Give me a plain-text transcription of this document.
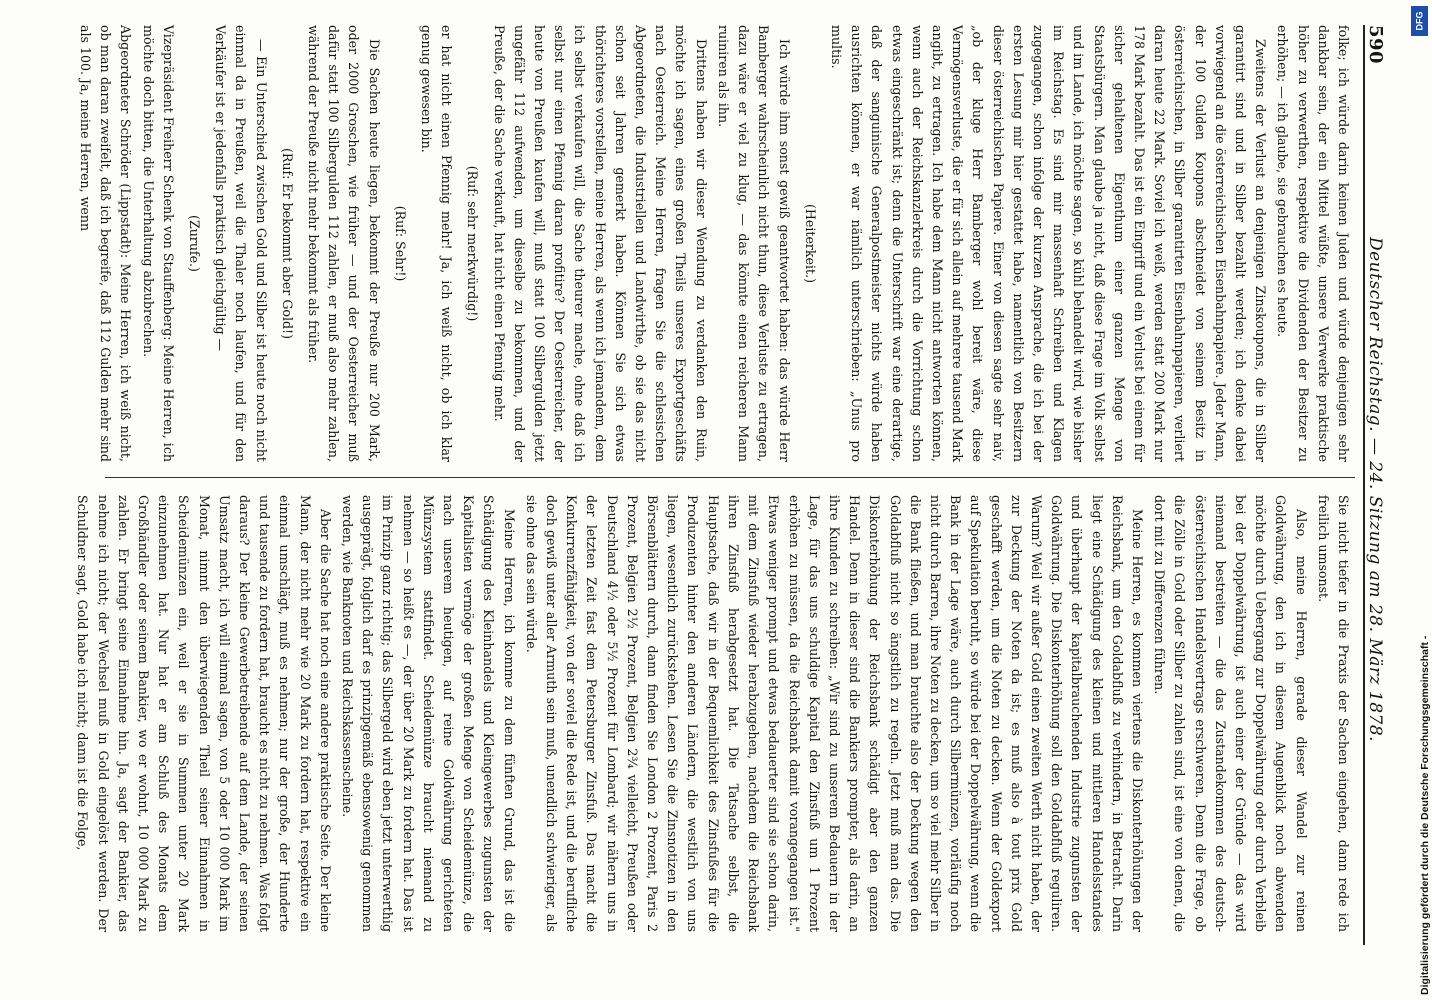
590
Deutscher Reichstag. — 24. Sitzung am 28. März 1878.

folke; ich würde darin keinen Juden und würde denjenigen sehr dankbar sein, der ein Mittel wüßte, unsere Verwerke praktische höher zu verwerthen, respektive die Dividenden der Besitzer zu erhöhen; — ich glaube, sie gebrauchen es heute.

Zweitens der Verlust an denjenigen Zinskoupons, die in Silber garantirt sind und in Silber bezahlt werden; ich denke dabei vorwiegend an die österreichischen Eisenbahnpapiere. Jeder Mann, der 100 Gulden Koupons abschneidet von seinem Besitz in österreichischen, in Silber garantirten Eisenbahnpapieren, verliert daran heute 22 Mark. Soviel ich weiß, werden statt 200 Mark nur 178 Mark bezahlt. Das ist ein Eingriff und ein Verlust bei einem für sicher gehaltenen Eigenthum einer ganzen Menge von Staatsbürgern. Man glaube ja nicht, daß diese Frage im Volk selbst und im Lande, ich möchte sagen, so kühl behandelt wird, wie bisher im Reichstag. Es sind mir massenhaft Schreiben und Klagen zugegangen, schon infolge der kurzen Ansprache, die ich bei der ersten Lesung mir hier gestattet habe, namentlich von Besitzern dieser österreichischen Papiere. Einer von diesen sagte sehr naiv, „ob der kluge Herr Bamberger wohl bereit wäre, diese Vermögensverluste, die er für sich allein auf mehrere tausend Mark angibt, zu ertragen. Ich habe dem Mann nicht antworten können, wenn auch der Reichskanzlerkreis durch die Vorrichtung schon etwas eingeschränkt ist; denn die Unterschrift war eine derartige, daß der sanguinische Generalpostmeister nichts würde haben ausrichten können, er war nämlich unterschrieben: „Unus pro multis.

(Heiterkeit.)

Ich würde ihm sonst gewiß geantwortet haben: das würde Herr Bamberger wahrscheinlich nicht thun, diese Verluste zu ertragen, dazu wäre er viel zu klug, — das könnte einen reicheren Mann ruiniren als ihn.

Drittens haben wir dieser Wendung zu verdanken den Ruin, möchte ich sagen, eines großen Theils unseres Exportgeschäfts nach Oesterreich. Meine Herren, fragen Sie die schlesischen Abgeordneten, die Industriellen und Landwirthe, ob sie das nicht schon seit Jahren gemerkt haben. Können Sie sich etwas thörichteres vorstellen, meine Herren, als wenn ich jemandem, dem ich selbst verkaufen will, die Sache theurer mache, ohne daß ich selbst nur einen Pfennig daran profitire? Der Oesterreicher, der heute von Preußen kaufen will, muß statt 100 Silbergulden jetzt ungefähr 112 aufwenden, um dieselbe zu bekommen, und der Preuße, der die Sache verkauft, hat nicht einen Pfennig mehr.

(Ruf: sehr merkwürdig!)

er hat nicht einen Pfennig mehr! Ja, ich weiß nicht, ob ich klar genug gewesen bin.

(Ruf: Sehr!)

Die Sachen heute liegen, bekommt der Preuße nur 200 Mark, oder 2000 Groschen, wie früher — und der Oesterreicher muß dafür statt 100 Silbergulden 112 zahlen, er muß also mehr zahlen, während der Preuße nicht mehr bekommt als früher.

(Ruf: Er bekommt aber Gold!)

— Ein Unterschied zwischen Gold und Silber ist heute noch nicht einmal da in Preußen, weil die Thaler noch laufen, und für den Verkäufer ist er jedenfalls praktisch gleichgültig —

(Zurufe.)

Vizepräsident Freiherr Schenk von Stauffenberg: Meine Herren, ich möchte doch bitten, die Unterhaltung abzubrechen.

Abgeordneter Schröder (Lippstadt): Meine Herren, ich weiß nicht, ob man daran zweifelt, daß ich begreife, daß 112 Gulden mehr sind als 100. Ja, meine Herren, wenn

Sie nicht tiefer in die Praxis der Sachen eingehen, dann rede ich freilich umsonst.

Also, meine Herren, gerade dieser Wandel zur reinen Goldwährung, den ich in diesem Augenblick noch abwenden möchte durch Uebergang zur Doppelwährung oder durch Verbleib bei der Doppelwährung, ist auch einer der Gründe — das wird niemand bestreiten — die das Zustandekommen des deutsch-österreichischen Handelsvertrags erschweren. Denn die Frage, ob die Zölle in Gold oder Silber zu zahlen sind, ist eine von denen, die dort mit zu Differenzen führen.

Meine Herren, es kommen viertens die Diskonterhöhungen der Reichsbank, um den Goldabfluß zu verhindern, in Betracht. Darin liegt eine Schädigung des kleinen und mittleren Handelsstandes und überhaupt der kapitalbrauchenden Industrie zugunsten der Goldwährung. Die Diskonterhöhung soll den Goldabfluß reguliren. Warum? Weil wir außer Gold einen zweiten Werth nicht haben, der zur Deckung der Noten da ist; es muß also à tout prix Gold geschafft werden, um die Noten zu decken. Wenn der Goldexport auf Spekulation beruht, so würde bei der Doppelwährung, wenn die Bank in der Lage wäre, auch durch Silbermünzen, vorläufig noch nicht durch Barren, ihre Noten zu decken, um so viel mehr Silber in die Bank fließen, und man brauchte also der Deckung wegen den Goldabfluß nicht so ängstlich zu regeln. Jetzt muß man das. Die Diskonterhöhung der Reichsbank schädigt aber den ganzen Handel. Denn in dieser sind die Bankiers prompter, als darin, an ihre Kunden zu schreiben: „Wir sind zu unserem Bedauern in der Lage, für das uns schuldige Kapital den Zinsfuß um 1 Prozent erhöhen zu müssen, da die Reichsbank damit vorangegangen ist." Etwas weniger prompt und etwas bedauerter sind sie schon darin, mit dem Zinsfuß wieder herabzugehen, nachdem die Reichsbank ihren Zinsfuß herabgesetzt hat. Die Tatsache selbst, die Hauptsache, daß wir in der Bequemlichkeit des Zinsfußes für die Produzenten hinter den anderen Ländern, die westlich von uns liegen, wesentlich zurückstehen. Lesen Sie die Zinsnotizen in den Börsenblättern durch, dann finden Sie London 2 Prozent, Paris 2 Prozent, Belgien 2½ Prozent, Belgien 2¾ vielleicht, Preußen oder Deutschland 4½ oder 5½ Prozent für Lombard; wir nähern uns in der letzten Zeit fast dem Petersburger Zinsfuß. Das macht die Konkurrenzfähigkeit, von der soviel die Rede ist, und die berufliche doch gewiß unter aller Armuth sein muß, unendlich schwieriger, als sie ohne das sein würde.

Meine Herren, ich komme zu dem fünften Grund, das ist die Schädigung des Kleinhandels und Kleingewerbes zugunsten der Kapitalisten vermöge der großen Menge von Scheidemünze, die nach unserem heutigen, auf reine Goldwährung gerichteten Münzsystem stattfindet. Scheidemünze braucht niemand zu nehmen — so heißt es —, der über 20 Mark zu fordern hat. Das ist im Prinzip ganz richtig; das Silbergeld wird eben jetzt unterwerthig ausgeprägt, folglich darf es prinzipgemäß ebensowenig genommen werden, wie Banknoten und Reichskassenscheine.

Aber die Sache hat noch eine andere praktische Seite. Der kleine Mann, der nicht mehr wie 20 Mark zu fordern hat, respektive ein einmal umschlägt, muß es nehmen; nur der große, der Hunderte und tausende zu fordern hat, braucht es nicht zu nehmen. Was folgt daraus? Der kleine Gewerbetreibende auf dem Lande, der seinen Umsatz macht, ich will einmal sagen, von 5 oder 10 000 Mark im Monat, nimmt den überwiegenden Theil seiner Einnahmen in Scheidemünzen ein, weil er sie in Summen unter 20 Mark einzunehmen hat. Nur hat er am Schluß des Monats dem Großhändler oder seinem Bankier, wo er wohnt, 10 000 Mark zu zahlen. Er bringt seine Einnahme hin. Ja, sagt der Bankier, das nehme ich nicht; der Wechsel muß in Gold eingelöst werden. Der Schuldner sagt, Gold habe ich nicht; dann ist die Folge,

DFG
Digitalisierung gefördert durch die Deutsche Forschungsgemeinschaft -
